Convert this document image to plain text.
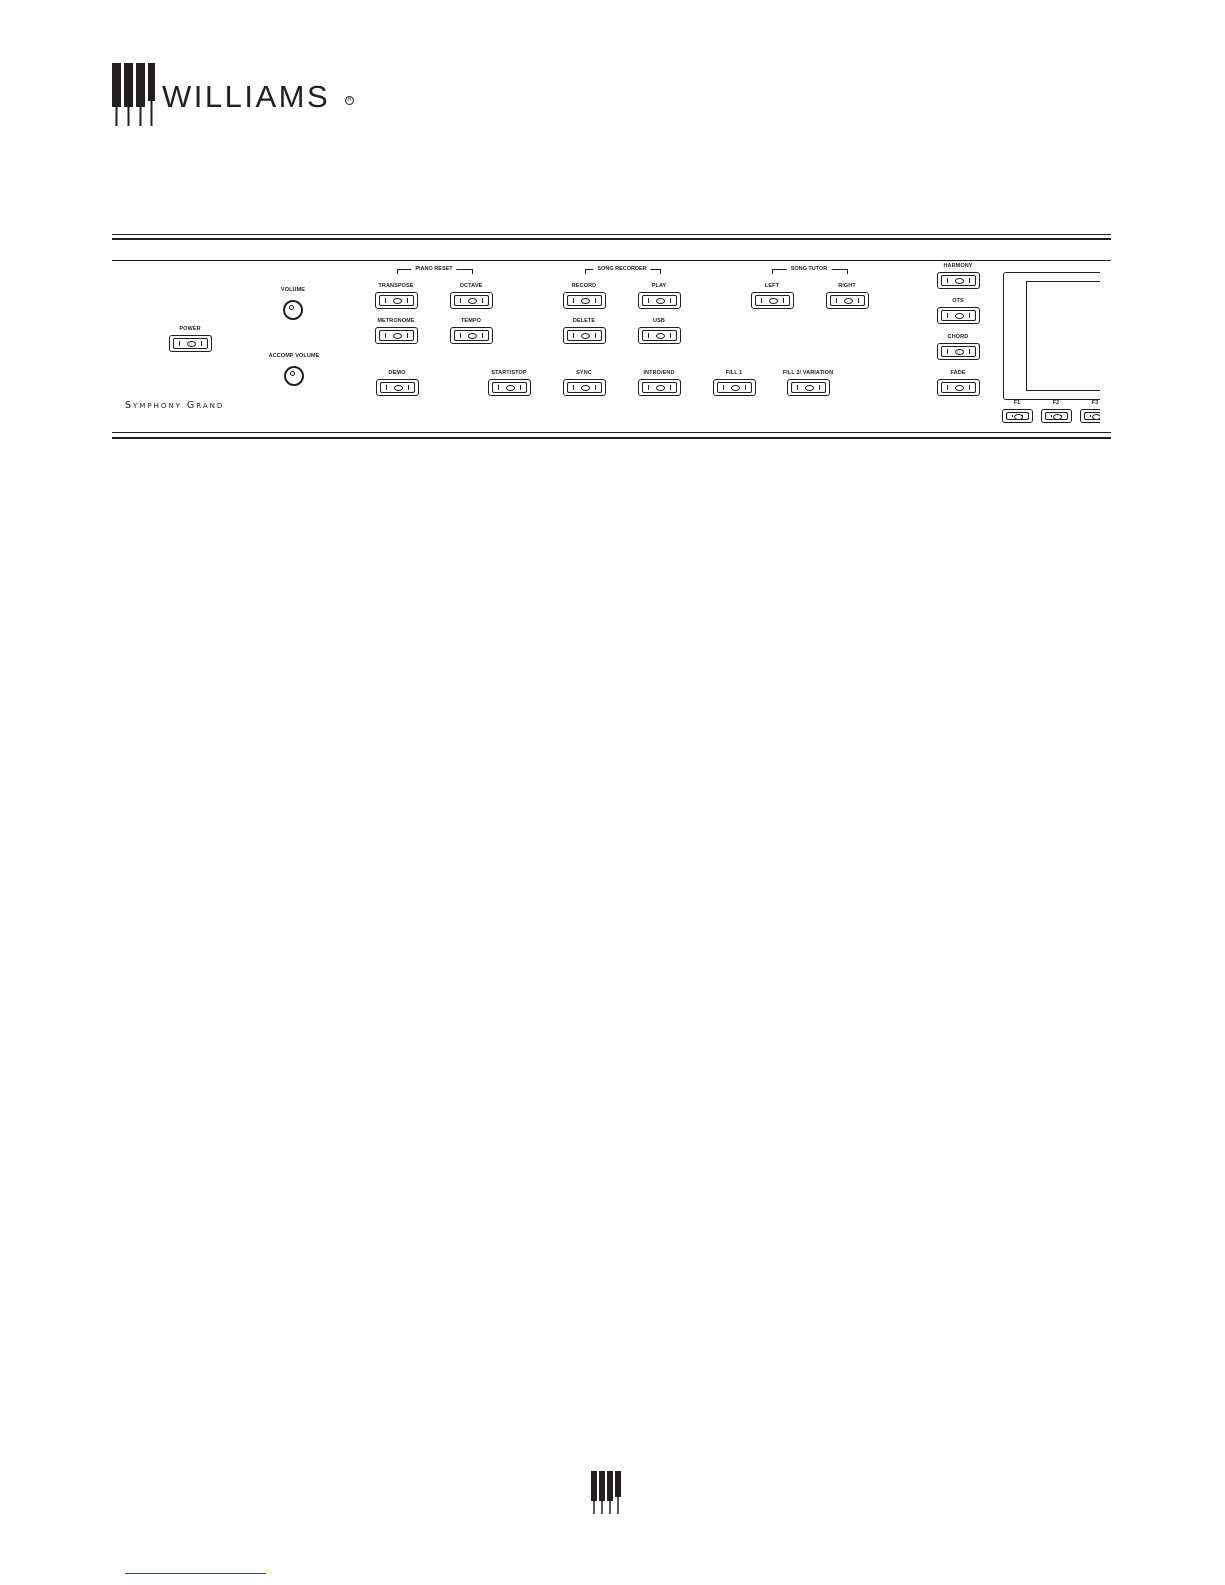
WILLIAMS	R
POWER
VOLUME
ACCOMP VOLUME
Symphony Grand
PIANO RESET
TRANSPOSE	OCTAVE
METRONOME	TEMPO
SONG RECORDER
RECORD	PLAY
DELETE	USB
SONG TUTOR
LEFT	RIGHT
DEMO	START/STOP	SYNC	INTRO/END	FILL 1	FILL 2/ VARIATION
HARMONY
OTS
CHORD
FADE
F1	F2	F3
